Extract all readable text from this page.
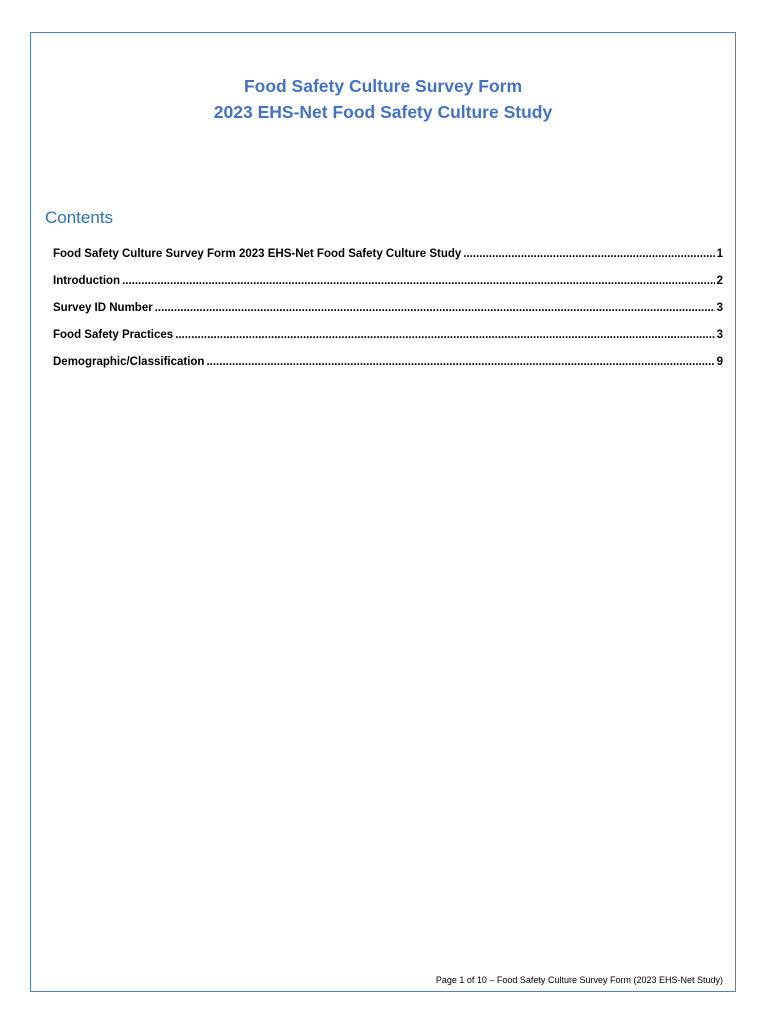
Food Safety Culture Survey Form
2023 EHS-Net Food Safety Culture Study
Contents
Food Safety Culture Survey Form 2023 EHS-Net Food Safety Culture Study .....	1
Introduction .....	2
Survey ID Number .....	3
Food Safety Practices .....	3
Demographic/Classification .....	9
Page 1 of 10 – Food Safety Culture Survey Form (2023 EHS-Net Study)
